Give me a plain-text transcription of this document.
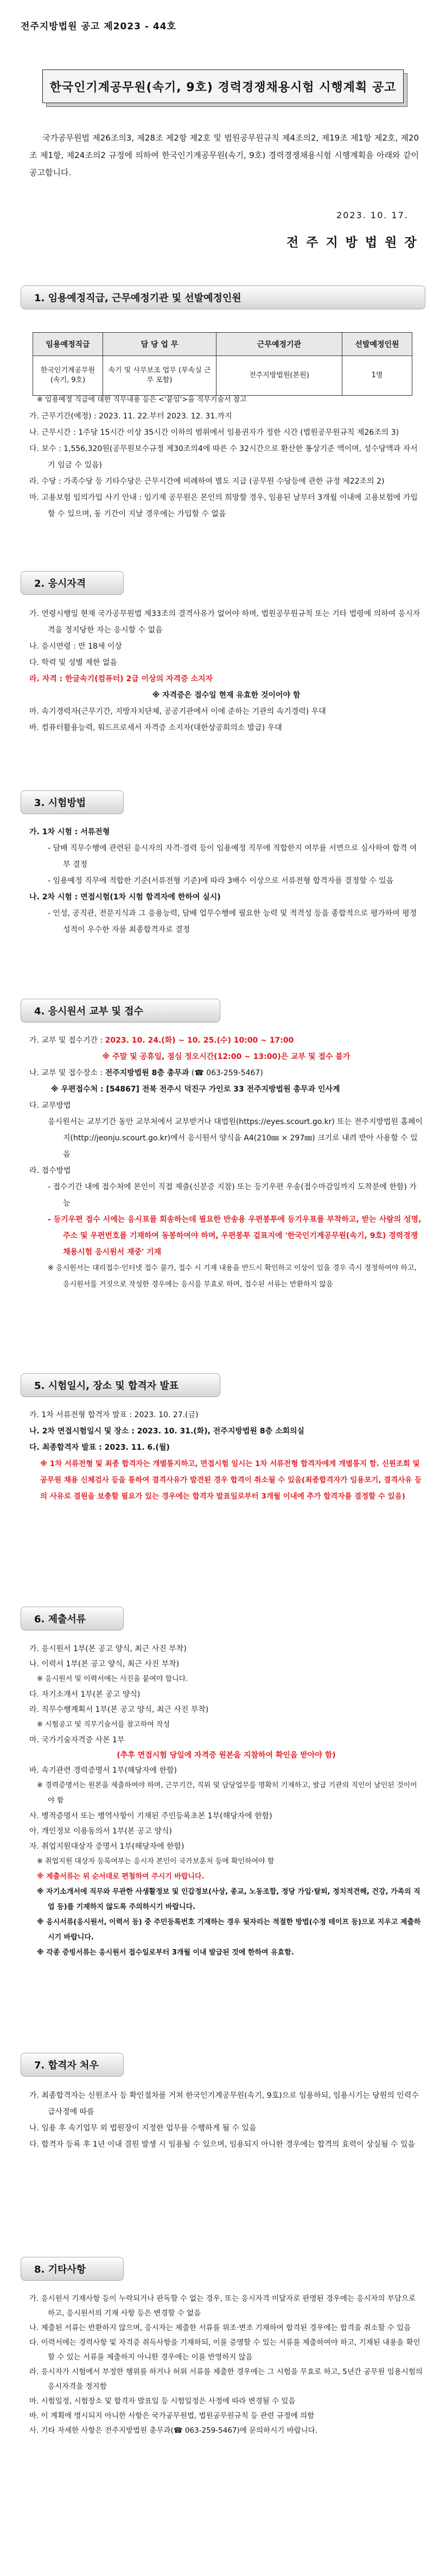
전주지방법원 공고 제2023 - 44호
한국인기계공무원(속기, 9호) 경력경쟁채용시험 시행계획 공고
국가공무원법 제26조의3, 제28조 제2항 제2호 및 법원공무원규칙 제4조의2, 제19조 제1항 제2호, 제20조 제1항, 제24조의2 규정에 의하여 한국인기계공무원(속기, 9호) 경력경쟁채용시험 시행계획을 아래와 같이 공고합니다.
2023. 10. 17.
전 주 지 방 법 원 장
1. 임용예정직급, 근무예정기관 및 선발예정인원
임용예정직급	담 당 업 무	근무예정기관	선발예정인원
한국인기계공무원 (속기, 9호)	속기 및 사무보조 업무 (부속실 근무 포함)	전주지방법원(본원)	1명

※ 임용예정 직급에 대한 직무내용 등은 <'붙임'>을 직무기술서 참고

가. 근무기간(예정) : 2023. 11. 22.부터 2023. 12. 31.까지

나. 근무시간 : 1주당 15시간 이상 35시간 이하의 범위에서 임용권자가 정한 시간 (법원공무원규칙 제26조의 3)

다. 보수 : 1,556,320원(공무원보수규정 제30조의4에 따른 수 32시간으로 환산한 통상기준 액이며, 성수당액과 자서기 임금 수 있음)

라. 수당 : 가족수당 등 기타수당은 근무시간에 비례하여 별도 지급 (공무원 수당등에 관한 규정 제22조의 2)

마. 고용보험 임의가입 사기 안내 : 임기제 공무원은 본인의 희망할 경우, 임용된 날부터 3개월 이내에 고용보험에 가입할 수 있으며, 동 기간이 지날 경우에는 가입할 수 없음

2. 응시자격

가. 연령시행일 현재 국가공무원법 제33조의 결격사유가 없어야 하며, 법원공무원규칙 또는 기타 법령에 의하여 응시자격을 정지당한 자는 응시할 수 없음

나. 응시연령 : 만 18세 이상

다. 학력 및 성별 제한 없음

라. 자격 : 한글속기(컴퓨터) 2급 이상의 자격증 소지자

※ 자격증은 접수일 현재 유효한 것이어야 함

마. 속기경력자(근무기간, 지방자치단체, 공공기관에서 이에 준하는 기관의 속기경력) 우대

바. 컴퓨터활용능력, 워드프로세서 자격증 소지자(대한상공회의소 발급) 우대

3. 시험방법

가. 1차 시험 : 서류전형

- 담배 직무수행에 관련된 응시자의 자격·경력 등이 임용예정 직무에 적합한지 여부를 서면으로 심사하여 합격 여부 결정

- 임용예정 직무에 적합한 기준(서류전형 기준)에 따라 3배수 이상으로 서류전형 합격자를 결정할 수 있음

나. 2차 시험 : 면접시험(1차 시험 합격자에 한하여 실시)

- 인성, 공직관, 전문지식과 그 응용능력, 담배 업무수행에 필요한 능력 및 적격성 등을 종합적으로 평가하여 평정 성적이 우수한 자를 최종합격자로 결정

4. 응시원서 교부 및 접수

가. 교부 및 접수기간 : 2023. 10. 24.(화) ~ 10. 25.(수) 10:00 ~ 17:00

※ 주말 및 공휴일, 점심 정오시간(12:00 ~ 13:00)은 교부 및 접수 불가

나. 교부 및 접수장소 : 전주지방법원 8층 총무과 (☎ 063-259-5467)

※ 우편접수처 : [54867] 전북 전주시 덕진구 가인로 33 전주지방법원 총무과 인사계

다. 교부방법

응시원서는 교부기간 동안 교부처에서 교부받거나 대법원(https://eyes.scourt.go.kr) 또는 전주지방법원 홈페이지(http://jeonju.scourt.go.kr)에서 응시원서 양식을 A4(210㎜ × 297㎜) 크기로 내려 받아 사용할 수 있음

라. 접수방법

- 접수기간 내에 접수처에 본인이 직접 제출(신분증 지참) 또는 등기우편 우송(접수마감일까지 도착분에 한함) 가능

- 등기우편 접수 시에는 응시표를 회송하는데 필요한 반송용 우편봉투에 등기우표를 부착하고, 받는 사람의 성명, 주소 및 우편번호를 기재하여 동봉하여야 하며, 우편봉투 겉표지에 '한국인기계공무원(속기, 9호) 경력경쟁채용시험 응시원서 재중' 기재

※ 응시원서는 대리접수·인터넷 접수 불가, 접수 시 기재 내용을 반드시 확인하고 이상이 있을 경우 즉시 정정하여야 하고, 응시원서를 거짓으로 작성한 경우에는 응시를 무효로 하며, 접수된 서류는 반환하지 않음

5. 시험일시, 장소 및 합격자 발표

가. 1차 서류전형 합격자 발표 : 2023. 10. 27.(금)

나. 2차 면접시험일시 및 장소 : 2023. 10. 31.(화), 전주지방법원 8층 소회의실

다. 최종합격자 발표 : 2023. 11. 6.(월)

※ 1차 서류전형 및 최종 합격자는 개별통지하고, 면접시험 일시는 1차 서류전형 합격자에게 개별통지 함. 신원조회 및 공무원 채용 신체검사 등을 통하여 결격사유가 발견된 경우 합격이 취소될 수 있음(최종합격자가 임용포기, 결격사유 등의 사유로 결원을 보충할 필요가 있는 경우에는 합격자 발표일로부터 3개월 이내에 추가 합격자를 결정할 수 있음)

6. 제출서류

가. 응시원서 1부(본 공고 양식, 최근 사진 부착)

나. 이력서 1부(본 공고 양식, 최근 사진 부착)

※ 응시원서 및 이력서에는 사진을 붙여야 합니다.

다. 자기소개서 1부(본 공고 양식)

라. 직무수행계획서 1부(본 공고 양식, 최근 사진 부착)

※ 시험공고 및 직무기술서를 참고하여 작성

마. 국가기술자격증 사본 1부

(추후 면접시험 당일에 자격증 원본을 지참하여 확인을 받아야 함)

바. 속기관련 경력증명서 1부(해당자에 한함)

※ 경력증명서는 원본을 제출하여야 하며, 근무기간, 직위 및 담당업무를 명확히 기재하고, 발급 기관의 직인이 날인된 것이어야 함

사. 병적증명서 또는 병역사항이 기재된 주민등록초본 1부(해당자에 한함)

아. 개인정보 이용동의서 1부(본 공고 양식)

자. 취업지원대상자 증명서 1부(해당자에 한함)

※ 취업지원 대상자 등록여부는 응시자 본인이 국가보훈처 등에 확인하여야 함

※ 제출서류는 위 순서대로 편철하여 주시기 바랍니다.

※ 자기소개서에 직무와 무관한 사생활정보 및 인갑정보(사상, 종교, 노동조합, 정당 가입·탈퇴, 정치적견해, 건강, 가족의 직업 등)를 기재하지 않도록 주의하시기 바랍니다.

※ 응시서류(응시원서, 이력서 등) 중 주민등록번호 기재하는 경우 뒷자리는 적절한 방법(수정 테이프 등)으로 지우고 제출하시기 바랍니다.

※ 각종 증빙서류는 응시원서 접수일로부터 3개월 이내 발급된 것에 한하여 유효함.

7. 합격자 처우

가. 최종합격자는 신원조사 등 확인절차를 거쳐 한국인기계공무원(속기, 9호)으로 임용하되, 임용시기는 당원의 인력수급사정에 따름

나. 임용 후 속기업무 외 법원장이 지정한 업무를 수행하게 될 수 있음

다. 합격자 등록 후 1년 이내 결원 발생 시 임용될 수 있으며, 임용되지 아니한 경우에는 합격의 효력이 상실될 수 있음

8. 기타사항

가. 응시원서 기재사항 등이 누락되거나 판독할 수 없는 경우, 또는 응시자격 미달자로 판명된 경우에는 응시자의 부담으로 하고, 응시원서의 기재 사항 등은 변경할 수 없음

나. 제출된 서류는 반환하지 않으며, 응시자는 제출한 서류를 위조·변조 기재하여 합격된 경우에는 합격을 취소할 수 있음

다. 이력서에는 경력사항 및 자격증 취득사항을 기재하되, 이를 증명할 수 있는 서류를 제출하여야 하고, 기재된 내용을 확인할 수 있는 서류를 제출하지 아니한 경우에는 이를 반영하지 않음

라. 응시자가 시험에서 부정한 행위를 하거나 허위 서류를 제출한 경우에는 그 시험을 무효로 하고, 5년간 공무원 임용시험의 응시자격을 정지함

마. 시험일정, 시험장소 및 합격자 발표일 등 시험일정은 사정에 따라 변경될 수 있음

바. 이 계획에 명시되지 아니한 사항은 국가공무원법, 법원공무원규칙 등 관련 규정에 의함

사. 기타 자세한 사항은 전주지방법원 총무과(☎ 063-259-5467)에 문의하시기 바랍니다.
